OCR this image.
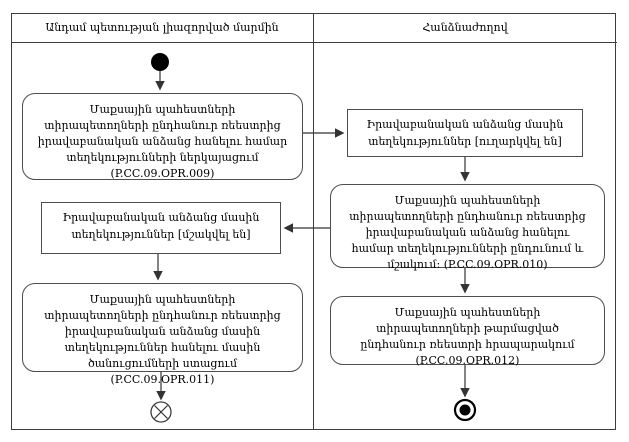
Անդամ պետության լիազորված մարմին	Հանձնաժողով
Մաքսային պահեստների տիրապետողների ընդհանուր ռեեստրից իրավաբանական անձանց հանելու համար տեղեկությունների ներկայացում (P.CC.09.OPR.009)
Իրավաբանական անձանց մասին տեղեկություններ [ուղարկվել են]
Մաքսային պահեստների տիրապետողների ընդհանուր ռեեստրից իրավաբանական անձանց հանելու համար տեղեկությունների ընդունում և մշակում։ (P.CC.09.OPR.010)
Իրավաբանական անձանց մասին տեղեկություններ [մշակվել են]
Մաքսային պահեստների տիրապետողների ընդհանուր ռեեստրից իրավաբանական անձանց մասին տեղեկություններ հանելու մասին ծանուցումների ստացում (P.CC.09.OPR.011)
Մաքսային պահեստների տիրապետողների թարմացված ընդհանուր ռեեստրի հրապարակում (P.CC.09.OPR.012)
